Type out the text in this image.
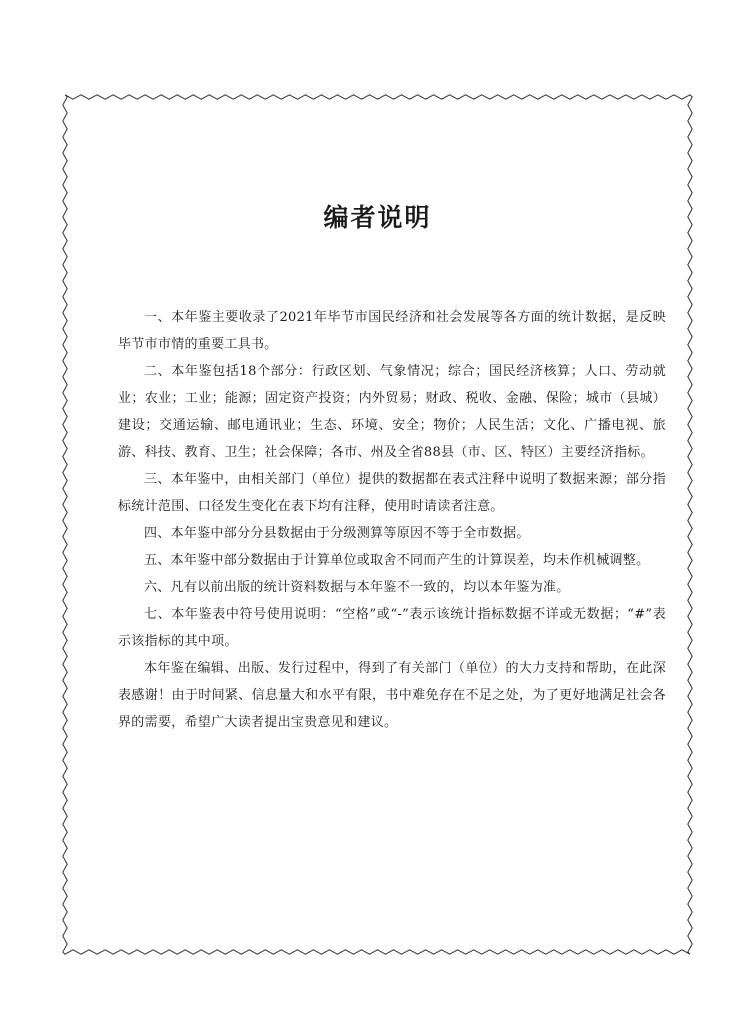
编者说明

一、本年鉴主要收录了2021年毕节市国民经济和社会发展等各方面的统计数据，是反映毕节市市情的重要工具书。

二、本年鉴包括18个部分：行政区划、气象情况；综合；国民经济核算；人口、劳动就业；农业；工业；能源；固定资产投资；内外贸易；财政、税收、金融、保险；城市（县城）建设；交通运输、邮电通讯业；生态、环境、安全；物价；人民生活；文化、广播电视、旅游、科技、教育、卫生；社会保障；各市、州及全省88县（市、区、特区）主要经济指标。

三、本年鉴中，由相关部门（单位）提供的数据都在表式注释中说明了数据来源；部分指标统计范围、口径发生变化在表下均有注释，使用时请读者注意。

四、本年鉴中部分分县数据由于分级测算等原因不等于全市数据。

五、本年鉴中部分数据由于计算单位或取舍不同而产生的计算误差，均未作机械调整。

六、凡有以前出版的统计资料数据与本年鉴不一致的，均以本年鉴为准。

七、本年鉴表中符号使用说明：“空格”或“-”表示该统计指标数据不详或无数据；“#”表示该指标的其中项。

本年鉴在编辑、出版、发行过程中，得到了有关部门（单位）的大力支持和帮助，在此深表感谢！由于时间紧、信息量大和水平有限，书中难免存在不足之处，为了更好地满足社会各界的需要，希望广大读者提出宝贵意见和建议。
